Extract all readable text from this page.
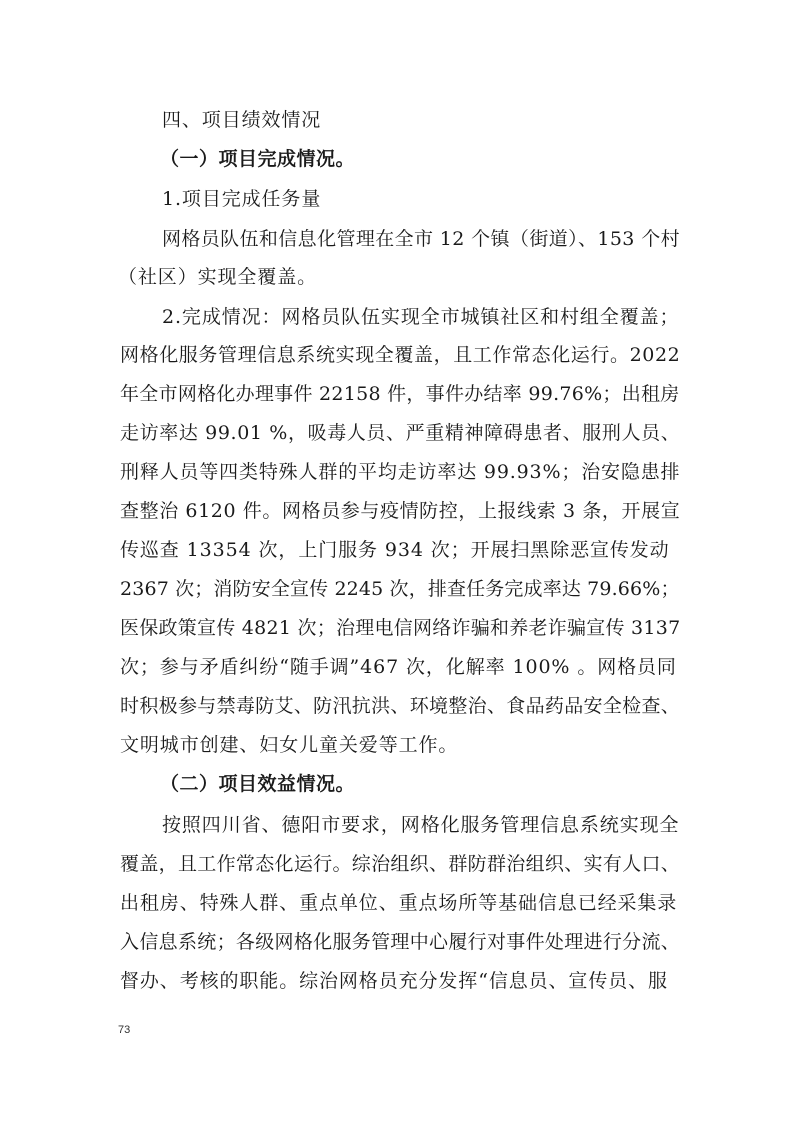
四、项目绩效情况
（一）项目完成情况。
1.项目完成任务量
网格员队伍和信息化管理在全市 12 个镇（街道）、153 个村
（社区）实现全覆盖。
2.完成情况：网格员队伍实现全市城镇社区和村组全覆盖；
网格化服务管理信息系统实现全覆盖，且工作常态化运行。2022
年全市网格化办理事件 22158 件，事件办结率 99.76%；出租房
走访率达 99.01 %，吸毒人员、严重精神障碍患者、服刑人员、
刑释人员等四类特殊人群的平均走访率达 99.93%；治安隐患排
查整治 6120 件。网格员参与疫情防控，上报线索 3 条，开展宣
传巡查 13354 次，上门服务 934 次；开展扫黑除恶宣传发动
2367 次；消防安全宣传 2245 次，排查任务完成率达 79.66%；
医保政策宣传 4821 次；治理电信网络诈骗和养老诈骗宣传 3137
次；参与矛盾纠纷“随手调”467 次，化解率 100% 。网格员同
时积极参与禁毒防艾、防汛抗洪、环境整治、食品药品安全检查、
文明城市创建、妇女儿童关爱等工作。
（二）项目效益情况。
按照四川省、德阳市要求，网格化服务管理信息系统实现全
覆盖，且工作常态化运行。综治组织、群防群治组织、实有人口、
出租房、特殊人群、重点单位、重点场所等基础信息已经采集录
入信息系统；各级网格化服务管理中心履行对事件处理进行分流、
督办、考核的职能。综治网格员充分发挥“信息员、宣传员、服
73
